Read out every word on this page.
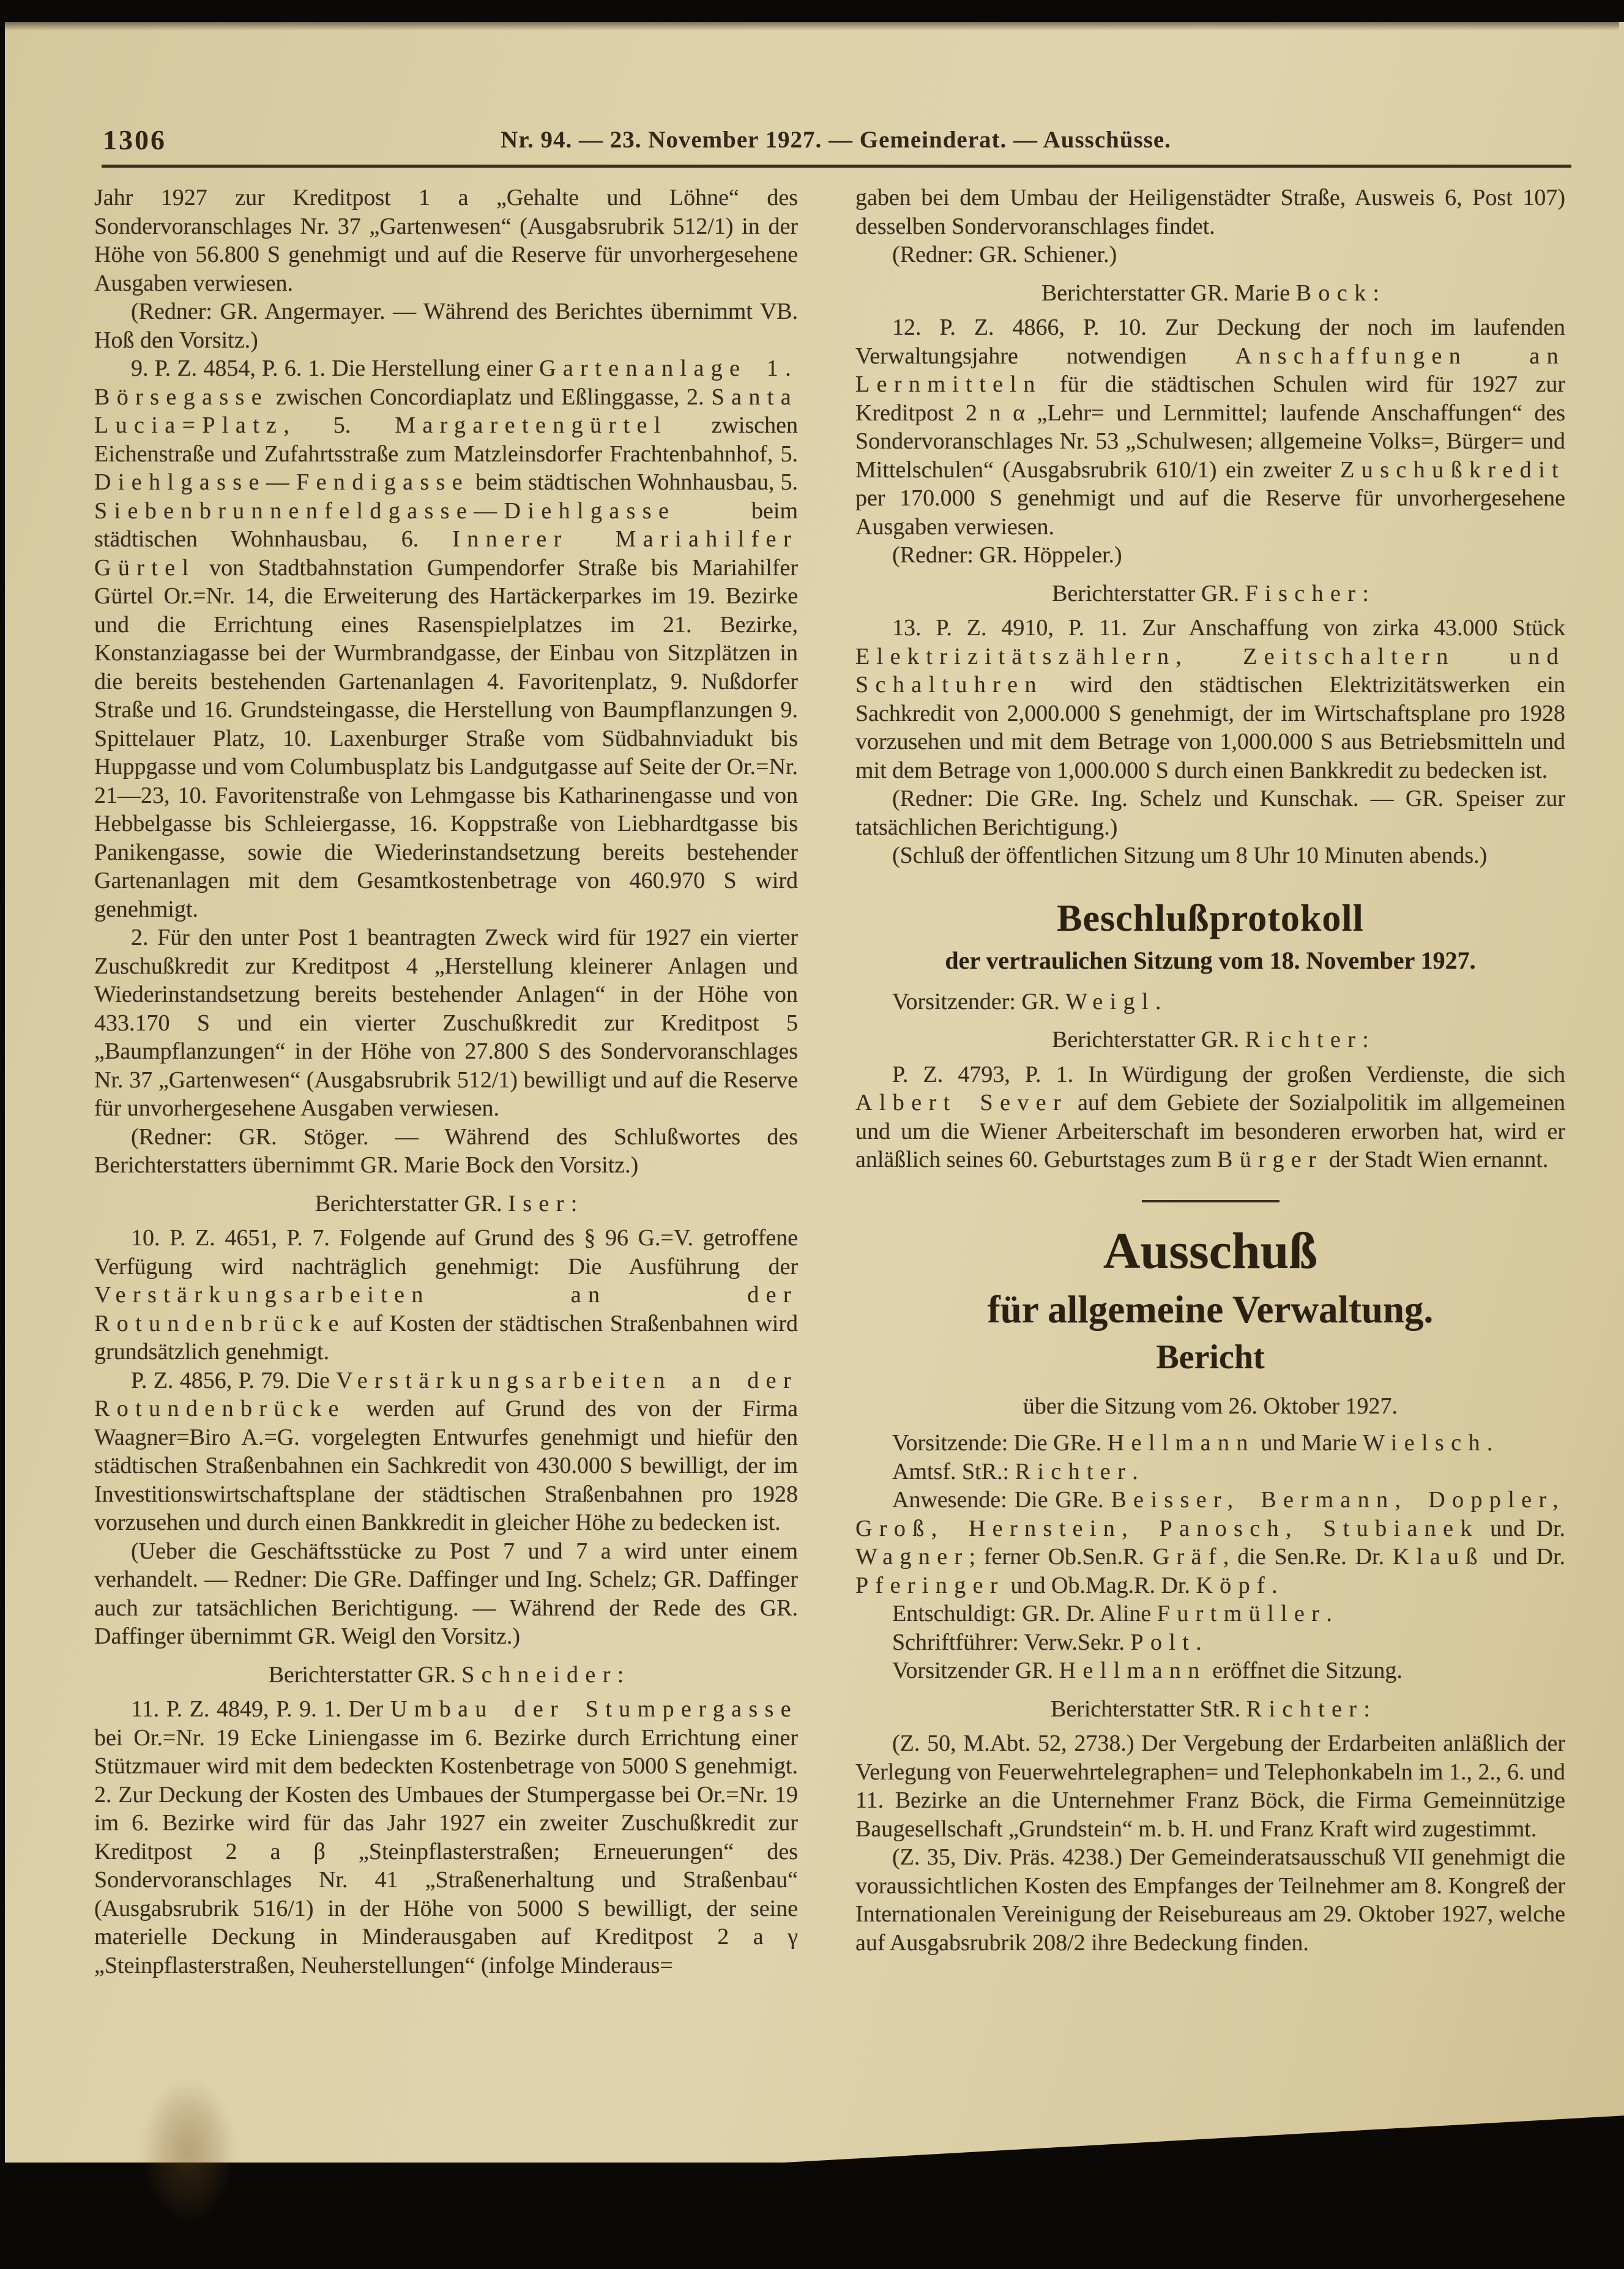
1306	Nr. 94. — 23. November 1927. — Gemeinderat. — Ausschüsse.

Jahr 1927 zur Kreditpost 1 a „Gehalte und Löhne“ des Sondervoranschlages Nr. 37 „Gartenwesen“ (Ausgabsrubrik 512/1) in der Höhe von 56.800 S genehmigt und auf die Reserve für unvorhergesehene Ausgaben verwiesen.

(Redner: GR. Angermayer. — Während des Berichtes übernimmt VB. Hoß den Vorsitz.)

9. P. Z. 4854, P. 6. 1. Die Herstellung einer Gartenanlage 1. Börsegasse zwischen Concordiaplatz und Eßlinggasse, 2. Santa Lucia=Platz, 5. Margaretengürtel zwischen Eichenstraße und Zufahrtsstraße zum Matzleinsdorfer Frachtenbahnhof, 5. Diehlgasse—Fendigasse beim städtischen Wohnhausbau, 5. Siebenbrunnenfeldgasse—Diehlgasse beim städtischen Wohnhausbau, 6. Innerer Mariahilfer Gürtel von Stadtbahnstation Gumpendorfer Straße bis Mariahilfer Gürtel Or.=Nr. 14, die Erweiterung des Hartäckerparkes im 19. Bezirke und die Errichtung eines Rasenspielplatzes im 21. Bezirke, Konstanziagasse bei der Wurmbrandgasse, der Einbau von Sitzplätzen in die bereits bestehenden Gartenanlagen 4. Favoritenplatz, 9. Nußdorfer Straße und 16. Grundsteingasse, die Herstellung von Baumpflanzungen 9. Spittelauer Platz, 10. Laxenburger Straße vom Südbahnviadukt bis Huppgasse und vom Columbusplatz bis Landgutgasse auf Seite der Or.=Nr. 21—23, 10. Favoritenstraße von Lehmgasse bis Katharinengasse und von Hebbelgasse bis Schleiergasse, 16. Koppstraße von Liebhardtgasse bis Panikengasse, sowie die Wiederinstandsetzung bereits bestehender Gartenanlagen mit dem Gesamtkostenbetrage von 460.970 S wird genehmigt.

2. Für den unter Post 1 beantragten Zweck wird für 1927 ein vierter Zuschußkredit zur Kreditpost 4 „Herstellung kleinerer Anlagen und Wiederinstandsetzung bereits bestehender Anlagen“ in der Höhe von 433.170 S und ein vierter Zuschußkredit zur Kreditpost 5 „Baumpflanzungen“ in der Höhe von 27.800 S des Sondervoranschlages Nr. 37 „Gartenwesen“ (Ausgabsrubrik 512/1) bewilligt und auf die Reserve für unvorhergesehene Ausgaben verwiesen.

(Redner: GR. Stöger. — Während des Schlußwortes des Berichterstatters übernimmt GR. Marie Bock den Vorsitz.)

Berichterstatter GR. Iser:

10. P. Z. 4651, P. 7. Folgende auf Grund des § 96 G.=V. getroffene Verfügung wird nachträglich genehmigt: Die Ausführung der Verstärkungsarbeiten an der Rotundenbrücke auf Kosten der städtischen Straßenbahnen wird grundsätzlich genehmigt.

P. Z. 4856, P. 79. Die Verstärkungsarbeiten an der Rotundenbrücke werden auf Grund des von der Firma Waagner=Biro A.=G. vorgelegten Entwurfes genehmigt und hiefür den städtischen Straßenbahnen ein Sachkredit von 430.000 S bewilligt, der im Investitionswirtschaftsplane der städtischen Straßenbahnen pro 1928 vorzusehen und durch einen Bankkredit in gleicher Höhe zu bedecken ist.

(Ueber die Geschäftsstücke zu Post 7 und 7 a wird unter einem verhandelt. — Redner: Die GRe. Daffinger und Ing. Schelz; GR. Daffinger auch zur tatsächlichen Berichtigung. — Während der Rede des GR. Daffinger übernimmt GR. Weigl den Vorsitz.)

Berichterstatter GR. Schneider:

11. P. Z. 4849, P. 9. 1. Der Umbau der Stumpergasse bei Or.=Nr. 19 Ecke Liniengasse im 6. Bezirke durch Errichtung einer Stützmauer wird mit dem bedeckten Kostenbetrage von 5000 S genehmigt. 2. Zur Deckung der Kosten des Umbaues der Stumpergasse bei Or.=Nr. 19 im 6. Bezirke wird für das Jahr 1927 ein zweiter Zuschußkredit zur Kreditpost 2 a β „Steinpflasterstraßen; Erneuerungen“ des Sondervoranschlages Nr. 41 „Straßenerhaltung und Straßenbau“ (Ausgabsrubrik 516/1) in der Höhe von 5000 S bewilligt, der seine materielle Deckung in Minderausgaben auf Kreditpost 2 a γ „Steinpflasterstraßen, Neuherstellungen“ (infolge Minderaus=

gaben bei dem Umbau der Heiligenstädter Straße, Ausweis 6, Post 107) desselben Sondervoranschlages findet.

(Redner: GR. Schiener.)

Berichterstatter GR. Marie Bock:

12. P. Z. 4866, P. 10. Zur Deckung der noch im laufenden Verwaltungsjahre notwendigen Anschaffungen an Lernmitteln für die städtischen Schulen wird für 1927 zur Kreditpost 2 n α „Lehr= und Lernmittel; laufende Anschaffungen“ des Sondervoranschlages Nr. 53 „Schulwesen; allgemeine Volks=, Bürger= und Mittelschulen“ (Ausgabsrubrik 610/1) ein zweiter Zuschußkredit per 170.000 S genehmigt und auf die Reserve für unvorhergesehene Ausgaben verwiesen.

(Redner: GR. Höppeler.)

Berichterstatter GR. Fischer:

13. P. Z. 4910, P. 11. Zur Anschaffung von zirka 43.000 Stück Elektrizitätszählern, Zeitschaltern und Schaltuhren wird den städtischen Elektrizitätswerken ein Sachkredit von 2,000.000 S genehmigt, der im Wirtschaftsplane pro 1928 vorzusehen und mit dem Betrage von 1,000.000 S aus Betriebsmitteln und mit dem Betrage von 1,000.000 S durch einen Bankkredit zu bedecken ist.

(Redner: Die GRe. Ing. Schelz und Kunschak. — GR. Speiser zur tatsächlichen Berichtigung.)

(Schluß der öffentlichen Sitzung um 8 Uhr 10 Minuten abends.)

Beschlußprotokoll

der vertraulichen Sitzung vom 18. November 1927.

Vorsitzender: GR. Weigl.

Berichterstatter GR. Richter:

P. Z. 4793, P. 1. In Würdigung der großen Verdienste, die sich Albert Sever auf dem Gebiete der Sozialpolitik im allgemeinen und um die Wiener Arbeiterschaft im besonderen erworben hat, wird er anläßlich seines 60. Geburtstages zum Bürger der Stadt Wien ernannt.

Ausschuß

für allgemeine Verwaltung.

Bericht

über die Sitzung vom 26. Oktober 1927.

Vorsitzende: Die GRe. Hellmann und Marie Wielsch.

Amtsf. StR.: Richter.

Anwesende: Die GRe. Beisser, Bermann, Doppler, Groß, Hernstein, Panosch, Stubianek und Dr. Wagner; ferner Ob.Sen.R. Gräf, die Sen.Re. Dr. Klauß und Dr. Pferinger und Ob.Mag.R. Dr. Köpf.

Entschuldigt: GR. Dr. Aline Furtmüller.

Schriftführer: Verw.Sekr. Polt.

Vorsitzender GR. Hellmann eröffnet die Sitzung.

Berichterstatter StR. Richter:

(Z. 50, M.Abt. 52, 2738.) Der Vergebung der Erdarbeiten anläßlich der Verlegung von Feuerwehrtelegraphen= und Telephonkabeln im 1., 2., 6. und 11. Bezirke an die Unternehmer Franz Böck, die Firma Gemeinnützige Baugesellschaft „Grundstein“ m. b. H. und Franz Kraft wird zugestimmt.

(Z. 35, Div. Präs. 4238.) Der Gemeinderatsausschuß VII genehmigt die voraussichtlichen Kosten des Empfanges der Teilnehmer am 8. Kongreß der Internationalen Vereinigung der Reisebureaus am 29. Oktober 1927, welche auf Ausgabsrubrik 208/2 ihre Bedeckung finden.
